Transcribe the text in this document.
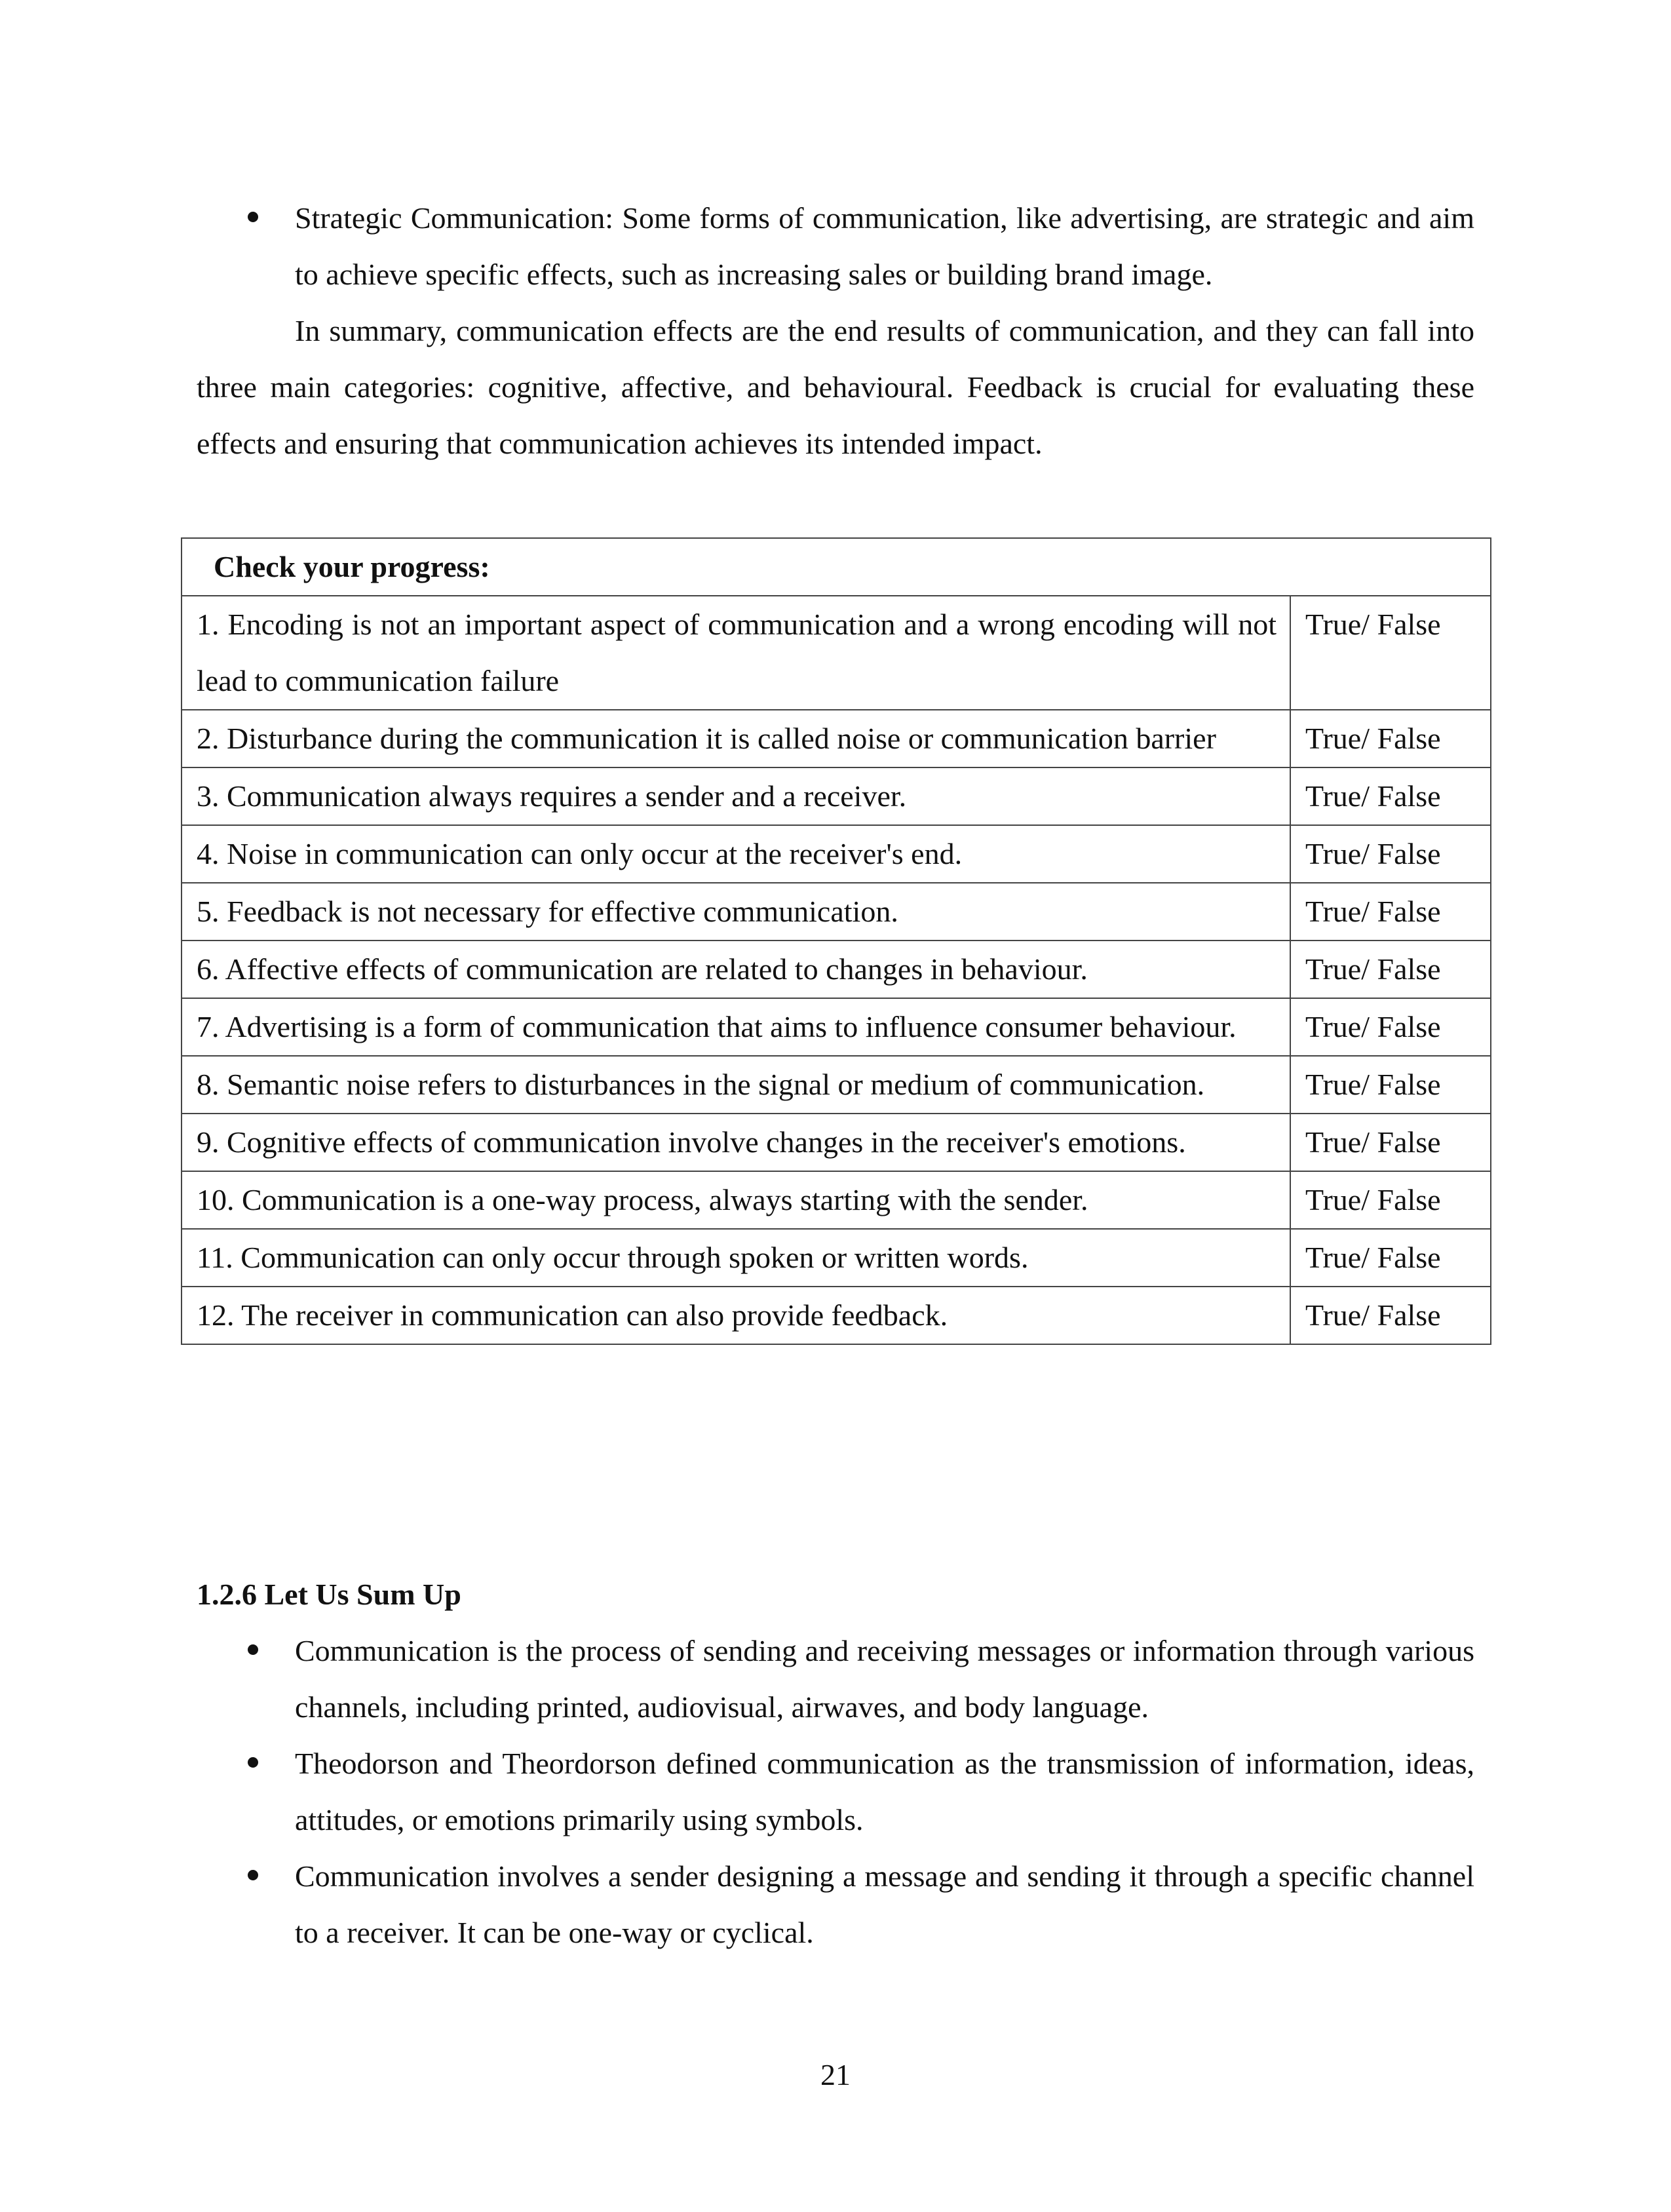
Strategic Communication: Some forms of communication, like advertising, are strategic and aim to achieve specific effects, such as increasing sales or building brand image.

In summary, communication effects are the end results of communication, and they can fall into three main categories: cognitive, affective, and behavioural. Feedback is crucial for evaluating these effects and ensuring that communication achieves its intended impact.

Check your progress:	
1. Encoding is not an important aspect of communication and a wrong encoding will not lead to communication failure	True/ False
2. Disturbance during the communication it is called noise or communication barrier	True/ False
3. Communication always requires a sender and a receiver.	True/ False
4. Noise in communication can only occur at the receiver's end.	True/ False
5. Feedback is not necessary for effective communication.	True/ False
6. Affective effects of communication are related to changes in behaviour.	True/ False
7. Advertising is a form of communication that aims to influence consumer behaviour.	True/ False
8. Semantic noise refers to disturbances in the signal or medium of communication.	True/ False
9. Cognitive effects of communication involve changes in the receiver's emotions.	True/ False
10. Communication is a one-way process, always starting with the sender.	True/ False
11. Communication can only occur through spoken or written words.	True/ False
12. The receiver in communication can also provide feedback.	True/ False
1.2.6 Let Us Sum Up
Communication is the process of sending and receiving messages or information through various channels, including printed, audiovisual, airwaves, and body language.
Theodorson and Theordorson defined communication as the transmission of information, ideas, attitudes, or emotions primarily using symbols.
Communication involves a sender designing a message and sending it through a specific channel to a receiver. It can be one-way or cyclical.
21
